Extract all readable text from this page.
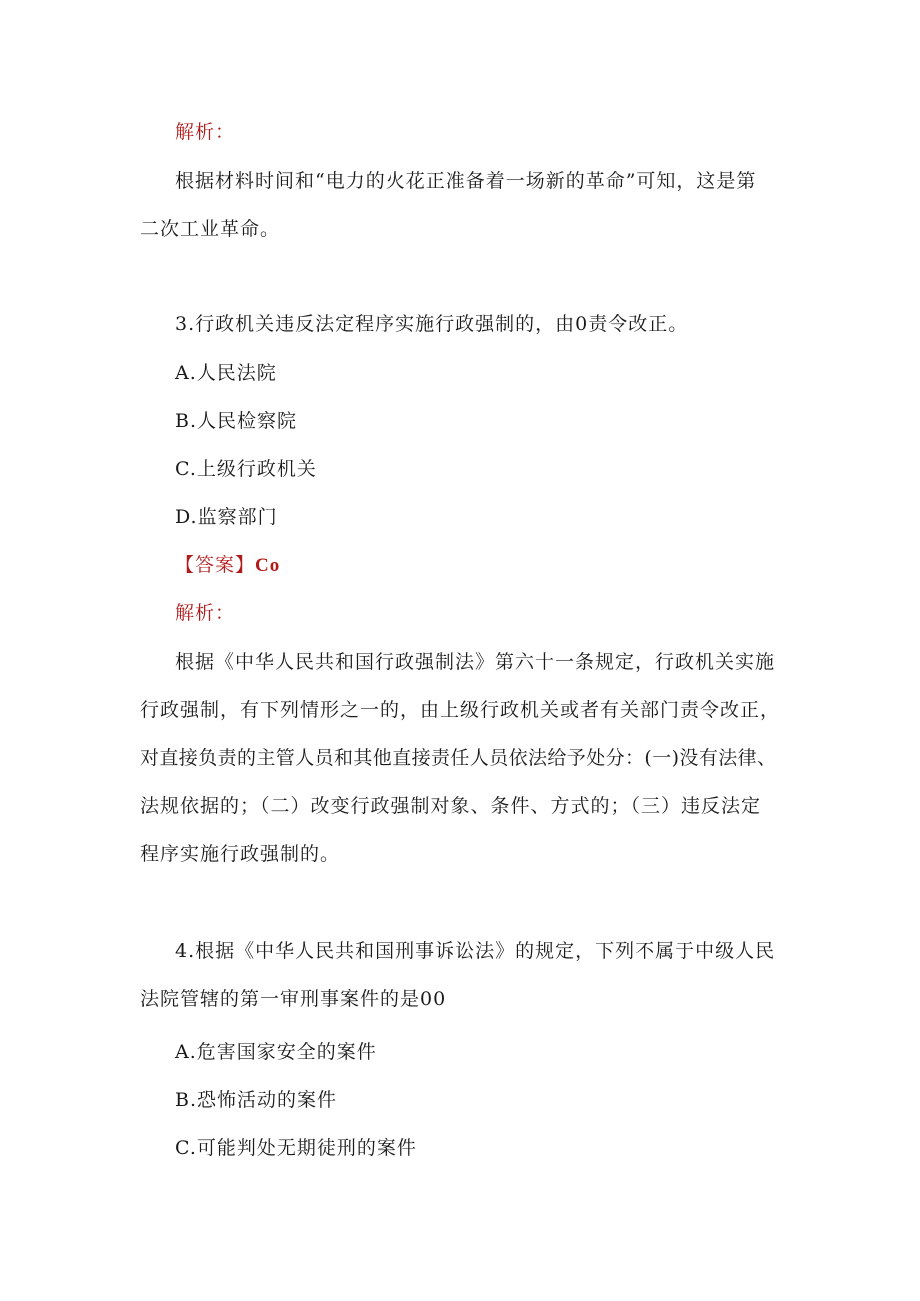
解析：
根据材料时间和“电力的火花正准备着一场新的革命”可知，这是第
二次工业革命。
3.行政机关违反法定程序实施行政强制的，由0责令改正。
A.人民法院
B.人民检察院
C.上级行政机关
D.监察部门
【答案】Co
解析：
根据《中华人民共和国行政强制法》第六十一条规定，行政机关实施
行政强制，有下列情形之一的，由上级行政机关或者有关部门责令改正，
对直接负责的主管人员和其他直接责任人员依法给予处分：(一)没有法律、
法规依据的；（二）改变行政强制对象、条件、方式的；（三）违反法定
程序实施行政强制的。
4.根据《中华人民共和国刑事诉讼法》的规定，下列不属于中级人民
法院管辖的第一审刑事案件的是00
A.危害国家安全的案件
B.恐怖活动的案件
C.可能判处无期徒刑的案件
